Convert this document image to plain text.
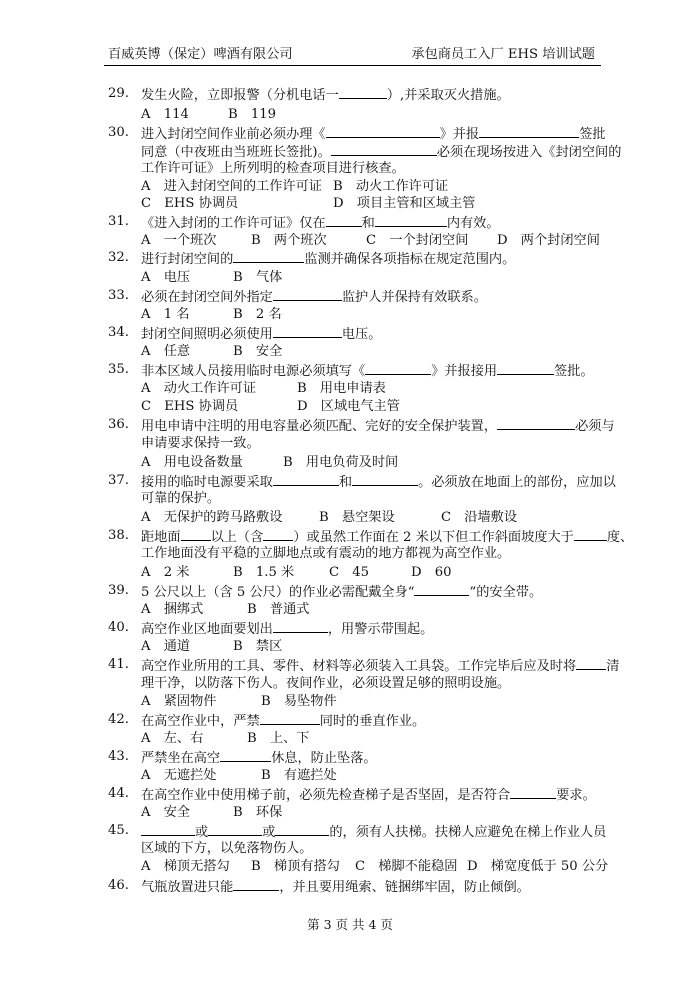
百威英博（保定）啤酒有限公司	承包商员工入厂 EHS 培训试题
29. 发生火险，立即报警（分机电话一	）,并采取灭火措施。
A　114	B　119
30. 进入封闭空间作业前必须办理《	》并报	签批
同意（中夜班由当班班长签批)。	必须在现场按进入《封闭空间的
工作许可证》上所列明的检查项目进行核查。
A　进入封闭空间的工作许可证 B　动火工作许可证
C　EHS 协调员	D　项目主管和区域主管
31. 《进入封闭的工作许可证》仅在	和	内有效。
A　一个班次	B　两个班次	C　一个封闭空间 D　两个封闭空间
32. 进行封闭空间的	监测并确保各项指标在规定范围内。
A　电压	B　气体
33. 必须在封闭空间外指定	监护人并保持有效联系。
A　1 名	B　2 名
34. 封闭空间照明必须使用	电压。
A　任意	B　安全
35. 非本区域人员接用临时电源必须填写《	》并报接用	签批。
A　动火工作许可证	B　用电申请表
C　EHS 协调员	D　区域电气主管
36. 用电申请中注明的用电容量必须匹配、完好的安全保护装置，	必须与
申请要求保持一致。
A　用电设备数量	B　用电负荷及时间
37. 接用的临时电源要采取	和	。必须放在地面上的部份，应加以
可靠的保护。
A　无保护的跨马路敷设	B　悬空架设	C　沿墙敷设
38. 距地面 以上（含 ）或虽然工作面在 2 米以下但工作斜面坡度大于	度、
工作地面没有平稳的立脚地点或有震动的地方都视为高空作业。
A　2 米	B　1.5 米	C　45	D　60
39. 5 公尺以上（含 5 公尺）的作业必需配戴全身“	”的安全带。
A　捆绑式	B　普通式
40. 高空作业区地面要划出	，用警示带围起。
A　通道	B　禁区
41. 高空作业所用的工具、零件、材料等必须装入工具袋。工作完毕后应及时将 清
理干净，以防落下伤人。夜间作业，必须设置足够的照明设施。
A　紧固物件	B　易坠物件
42. 在高空作业中，严禁	同时的垂直作业。
A　左、右	B　上、下
43. 严禁坐在高空	休息，防止坠落。
A　无遮拦处	B　有遮拦处
44. 在高空作业中使用梯子前，必须先检查梯子是否坚固，是否符合	要求。
A　安全	B　环保
45.	或	或	的，须有人扶梯。扶梯人应避免在梯上作业人员
区域的下方，以免落物伤人。
A　梯顶无搭勾 B　梯顶有搭勾 C　梯脚不能稳固 D　梯宽度低于 50 公分
46. 气瓶放置进只能	，并且要用绳索、链捆绑牢固，防止倾倒。
第 3 页 共 4 页
